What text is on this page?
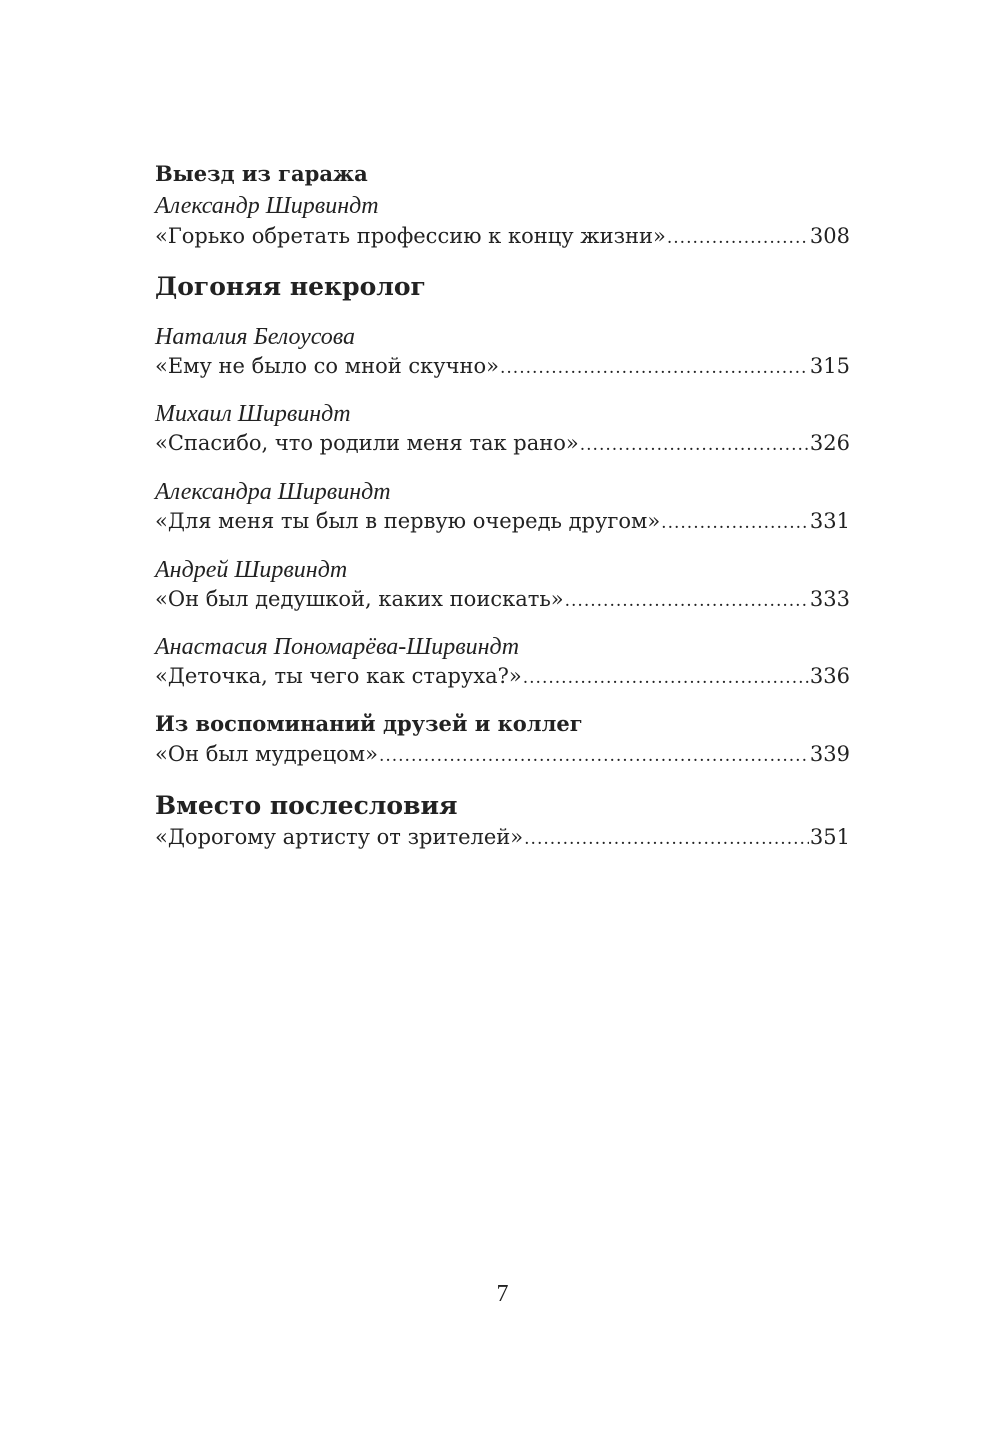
Выезд из гаража
Александр Ширвиндт
«Горько обретать профессию к концу жизни» .....	308
Догоняя некролог
Наталия Белоусова
«Ему не было со мной скучно» .....	315
Михаил Ширвиндт
«Спасибо, что родили меня так рано» .....	326
Александра Ширвиндт
«Для меня ты был в первую очередь другом» .....	331
Андрей Ширвиндт
«Он был дедушкой, каких поискать» .....	333
Анастасия Пономарёва-Ширвиндт
«Деточка, ты чего как старуха?» .....	336
Из воспоминаний друзей и коллег
«Он был мудрецом» .....	339
Вместо послесловия
«Дорогому артисту от зрителей» .....	351
7
